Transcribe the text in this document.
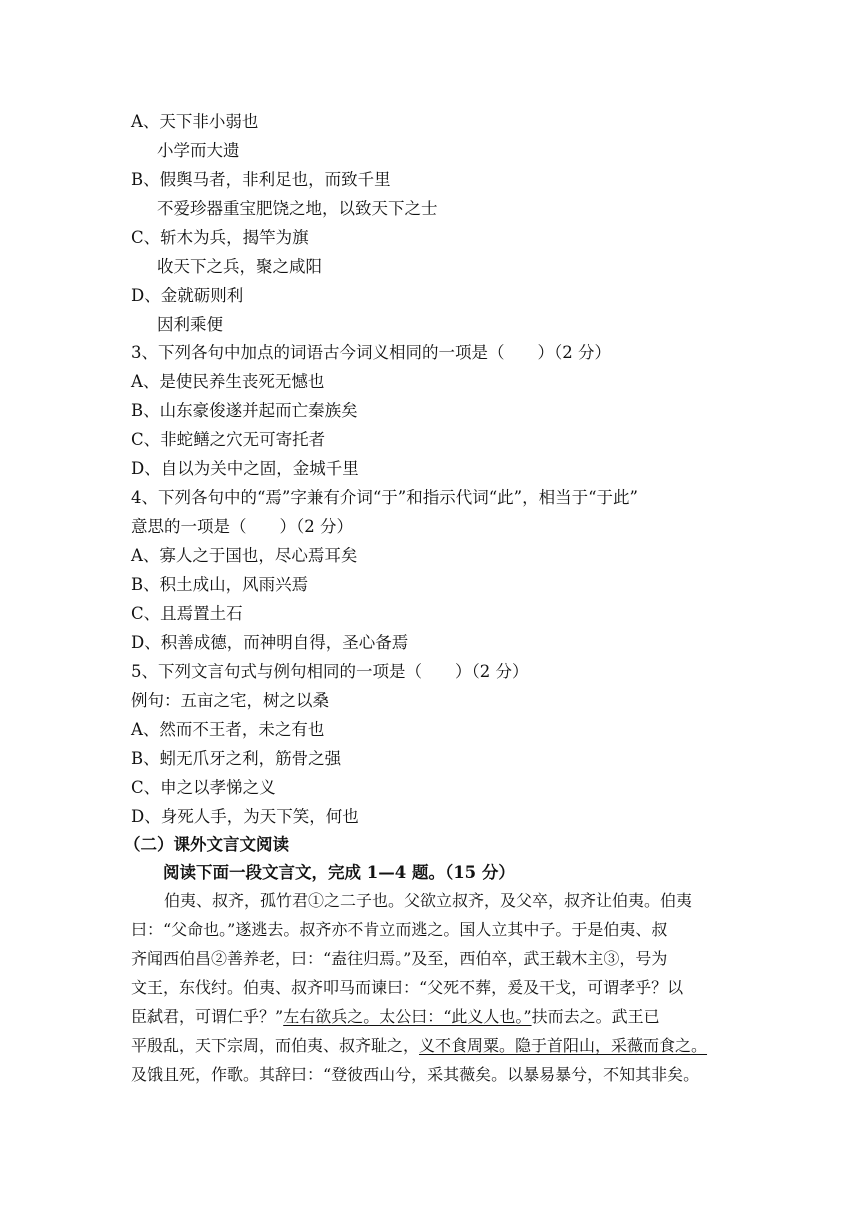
A、天下非小弱也
小学而大遗
B、假舆马者，非利足也，而致千里
不爱珍器重宝肥饶之地，以致天下之士
C、斩木为兵，揭竿为旗
收天下之兵，聚之咸阳
D、金就砺则利
因利乘便
3、下列各句中加点的词语古今词义相同的一项是（　　）（2 分）
A、是使民养生丧死无憾也
B、山东豪俊遂并起而亡秦族矣
C、非蛇鳝之穴无可寄托者
D、自以为关中之固，金城千里
4、下列各句中的“焉”字兼有介词“于”和指示代词“此”，相当于“于此”
意思的一项是（　　）（2 分）
A、寡人之于国也，尽心焉耳矣
B、积土成山，风雨兴焉
C、且焉置土石
D、积善成德，而神明自得，圣心备焉
5、下列文言句式与例句相同的一项是（　　）（2 分）
例句：五亩之宅，树之以桑
A、然而不王者，未之有也
B、蚓无爪牙之利，筋骨之强
C、申之以孝悌之义
D、身死人手，为天下笑，何也
（二）课外文言文阅读
阅读下面一段文言文，完成 1—4 题。（15 分）
伯夷、叔齐，孤竹君①之二子也。父欲立叔齐，及父卒，叔齐让伯夷。伯夷
曰：“父命也。”遂逃去。叔齐亦不肯立而逃之。国人立其中子。于是伯夷、叔
齐闻西伯昌②善养老，曰：“盍往归焉。”及至，西伯卒，武王载木主③，号为
文王，东伐纣。伯夷、叔齐叩马而谏曰：“父死不葬，爰及干戈，可谓孝乎？以
臣弑君，可谓仁乎？”左右欲兵之。太公曰：“此义人也。”扶而去之。武王已
平殷乱，天下宗周，而伯夷、叔齐耻之，义不食周粟。隐于首阳山，采薇而食之。
及饿且死，作歌。其辞曰：“登彼西山兮，采其薇矣。以暴易暴兮，不知其非矣。
